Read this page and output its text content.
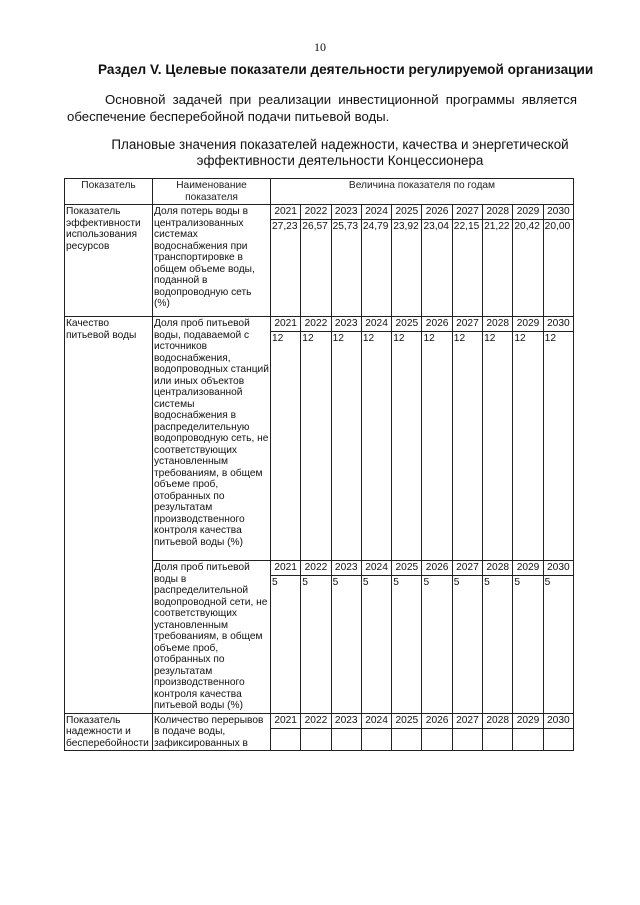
10
Раздел V. Целевые показатели деятельности регулируемой организации

Основной задачей при реализации инвестиционной программы является

обеспечение бесперебойной подачи питьевой воды.

Плановые значения показателей надежности, качества и энергетической
эффективности деятельности Концессионера
Показатель	Наименование показателя	Величина показателя по годам									
Показатель эффективности использования ресурсов	Доля потерь воды в централизованных системах водоснабжения при транспортировке в общем объеме воды, поданной в водопроводную сеть (%)	2021	2022	2023	2024	2025	2026	2027	2028	2029	2030
		27,23	26,57	25,73	24,79	23,92	23,04	22,15	21,22	20,42	20,00
Качество питьевой воды	Доля проб питьевой воды, подаваемой с источников водоснабжения, водопроводных станций или иных объектов централизованной системы водоснабжения в распределительную водопроводную сеть, не соответствующих установленным требованиям, в общем объеме проб, отобранных по результатам производственного контроля качества питьевой воды (%)	2021	2022	2023	2024	2025	2026	2027	2028	2029	2030
		12	12	12	12	12	12	12	12	12	12
	Доля проб питьевой воды в распределительной водопроводной сети, не соответствующих установленным требованиям, в общем объеме проб, отобранных по результатам производственного контроля качества питьевой воды (%)	2021	2022	2023	2024	2025	2026	2027	2028	2029	2030
		5	5	5	5	5	5	5	5	5	5
Показатель надежности и бесперебойности	Количество перерывов в подаче воды, зафиксированных в	2021	2022	2023	2024	2025	2026	2027	2028	2029	2030
